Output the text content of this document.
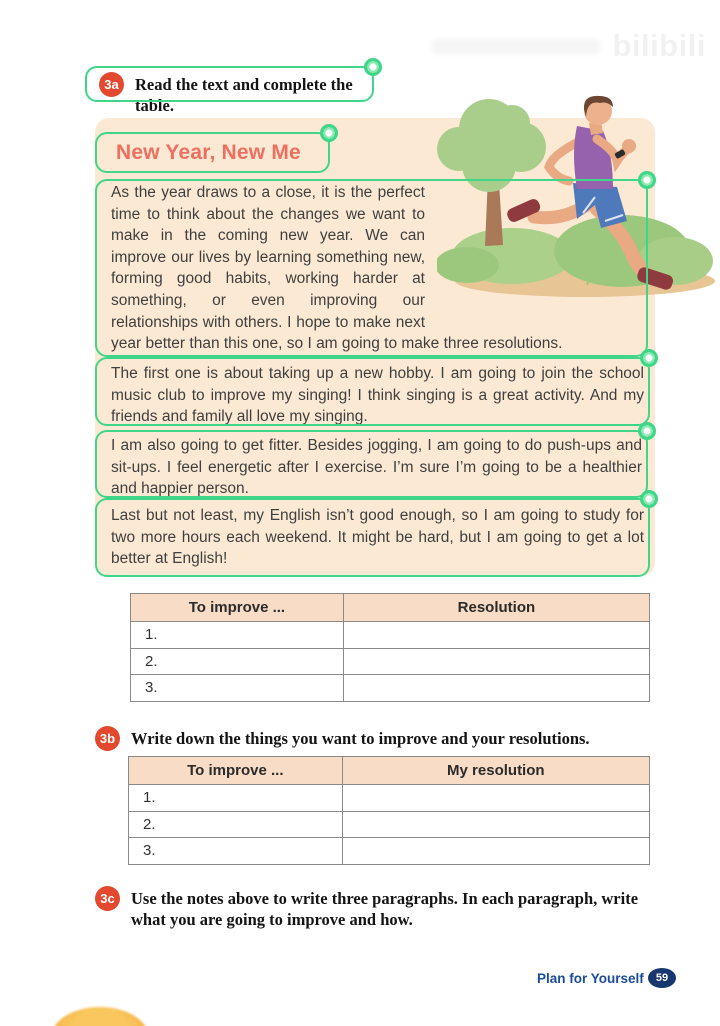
bilibili
3a Read the text and complete the table.
New Year, New Me
As the year draws to a close, it is the perfect time to think about the changes we want to make in the coming new year. We can improve our lives by learning something new, forming good habits, working harder at something, or even improving our relationships with others. I hope to make next year better than this one, so I am going to make three resolutions.
The first one is about taking up a new hobby. I am going to join the school music club to improve my singing! I think singing is a great activity. And my friends and family all love my singing.
I am also going to get fitter. Besides jogging, I am going to do push-ups and sit-ups. I feel energetic after I exercise. I’m sure I’m going to be a healthier and happier person.
Last but not least, my English isn’t good enough, so I am going to study for two more hours each weekend. It might be hard, but I am going to get a lot better at English!
To improve ...	Resolution
1.	
2.	
3.	
3b Write down the things you want to improve and your resolutions.
To improve ...	My resolution
1.	
2.	
3.	
3c Use the notes above to write three paragraphs. In each paragraph, write what you are going to improve and how.
Plan for Yourself	59
